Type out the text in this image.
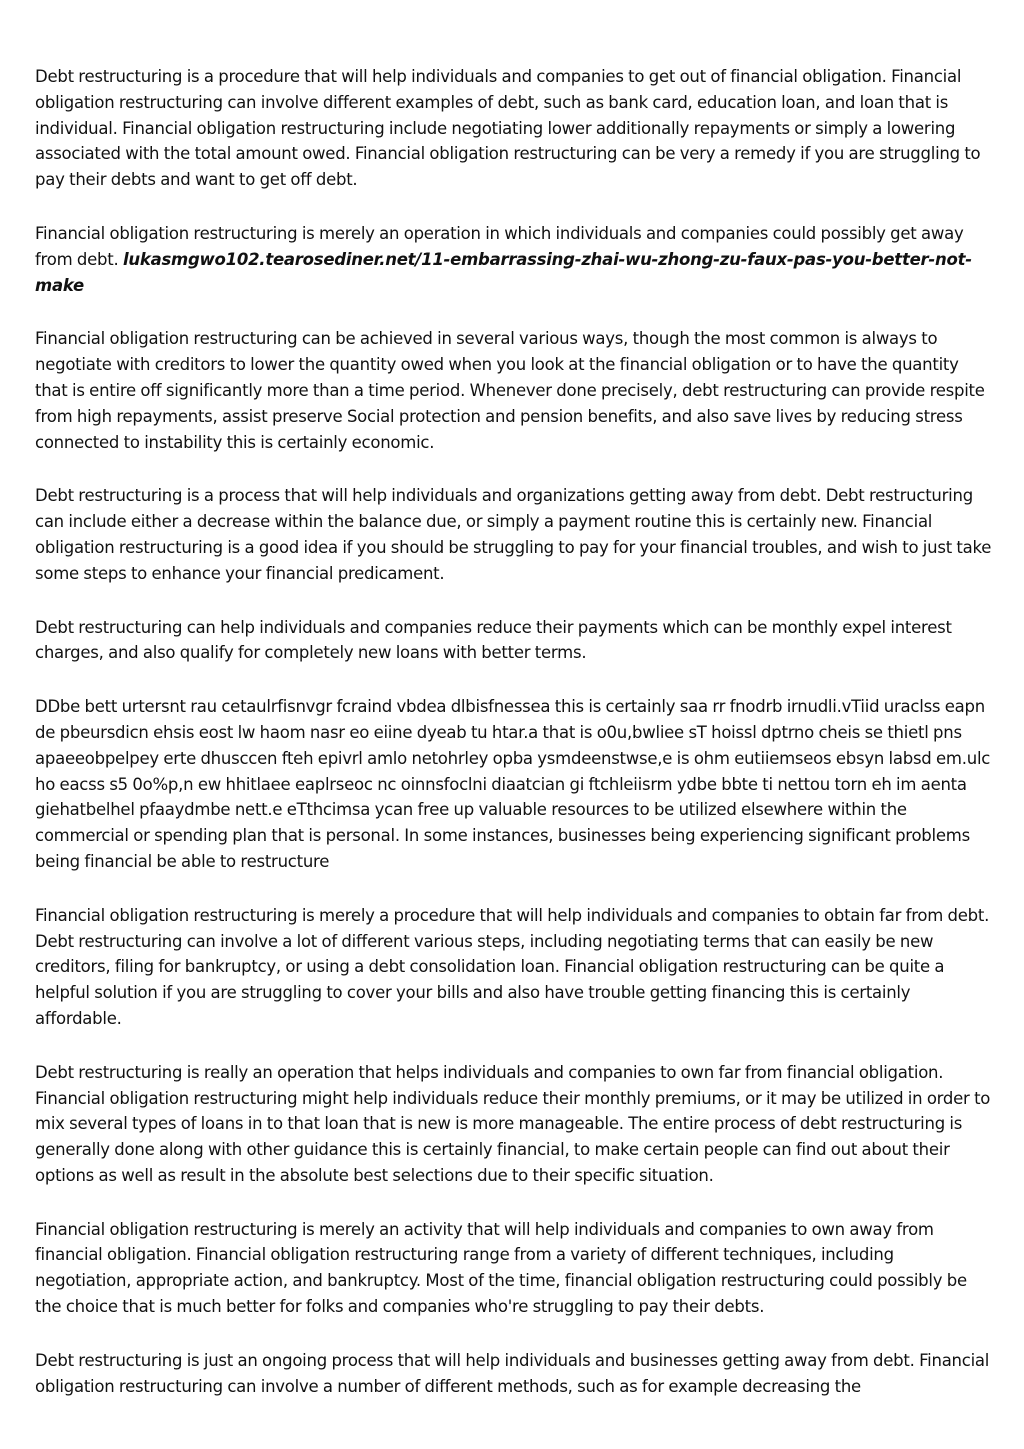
Debt restructuring is a procedure that will help individuals and companies to get out of financial obligation. Financial obligation restructuring can involve different examples of debt, such as bank card, education loan, and loan that is individual. Financial obligation restructuring include negotiating lower additionally repayments or simply a lowering associated with the total amount owed. Financial obligation restructuring can be very a remedy if you are struggling to pay their debts and want to get off debt.

Financial obligation restructuring is merely an operation in which individuals and companies could possibly get away from debt. lukasmgwo102.tearosediner.net/11-embarrassing-zhai-wu-zhong-zu-faux-pas-you-better-not-make

Financial obligation restructuring can be achieved in several various ways, though the most common is always to negotiate with creditors to lower the quantity owed when you look at the financial obligation or to have the quantity that is entire off significantly more than a time period. Whenever done precisely, debt restructuring can provide respite from high repayments, assist preserve Social protection and pension benefits, and also save lives by reducing stress connected to instability this is certainly economic.

Debt restructuring is a process that will help individuals and organizations getting away from debt. Debt restructuring can include either a decrease within the balance due, or simply a payment routine this is certainly new. Financial obligation restructuring is a good idea if you should be struggling to pay for your financial troubles, and wish to just take some steps to enhance your financial predicament.

Debt restructuring can help individuals and companies reduce their payments which can be monthly expel interest charges, and also qualify for completely new loans with better terms.

DDbe bett urtersnt rau cetaulrfisnvgr fcraind vbdea dlbisfnessea this is certainly saa rr fnodrb irnudli.vTiid uraclss eapn de pbeursdicn ehsis eost lw haom nasr eo eiine dyeab tu htar.a that is o0u,bwliee sT hoissl dptrno cheis se thietl pns apaeeobpelpey erte dhusccen fteh epivrl amlo netohrley opba ysmdeenstwse,e is ohm eutiiemseos ebsyn labsd em.ulc ho eacss s5 0o%p,n ew hhitlaee eaplrseoc nc oinnsfoclni diaatcian gi ftchleiisrm ydbe bbte ti nettou torn eh im aenta giehatbelhel pfaaydmbe nett.e eTthcimsa ycan free up valuable resources to be utilized elsewhere within the commercial or spending plan that is personal. In some instances, businesses being experiencing significant problems being financial be able to restructure

Financial obligation restructuring is merely a procedure that will help individuals and companies to obtain far from debt. Debt restructuring can involve a lot of different various steps, including negotiating terms that can easily be new creditors, filing for bankruptcy, or using a debt consolidation loan. Financial obligation restructuring can be quite a helpful solution if you are struggling to cover your bills and also have trouble getting financing this is certainly affordable.

Debt restructuring is really an operation that helps individuals and companies to own far from financial obligation. Financial obligation restructuring might help individuals reduce their monthly premiums, or it may be utilized in order to mix several types of loans in to that loan that is new is more manageable. The entire process of debt restructuring is generally done along with other guidance this is certainly financial, to make certain people can find out about their options as well as result in the absolute best selections due to their specific situation.

Financial obligation restructuring is merely an activity that will help individuals and companies to own away from financial obligation. Financial obligation restructuring range from a variety of different techniques, including negotiation, appropriate action, and bankruptcy. Most of the time, financial obligation restructuring could possibly be the choice that is much better for folks and companies who're struggling to pay their debts.

Debt restructuring is just an ongoing process that will help individuals and businesses getting away from debt. Financial obligation restructuring can involve a number of different methods, such as for example decreasing the
